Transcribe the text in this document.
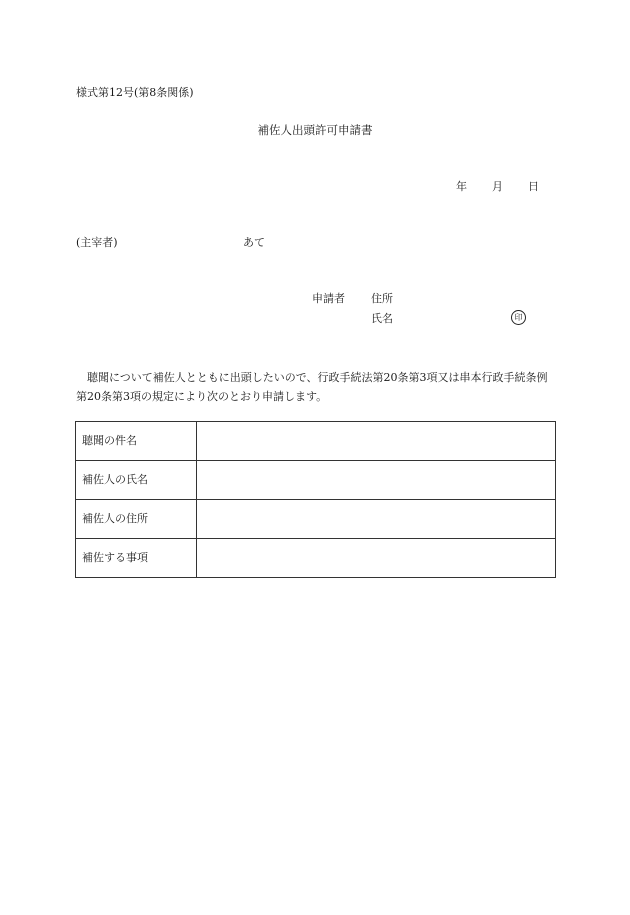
様式第12号(第8条関係)
補佐人出頭許可申請書
年 月 日
(主宰者)	あて
申請者 住所
氏名	印
聴聞について補佐人とともに出頭したいので、行政手続法第20条第3項又は串本行政手続条例第20条第3項の規定により次のとおり申請します。
聴聞の件名	
補佐人の氏名	
補佐人の住所	
補佐する事項	
